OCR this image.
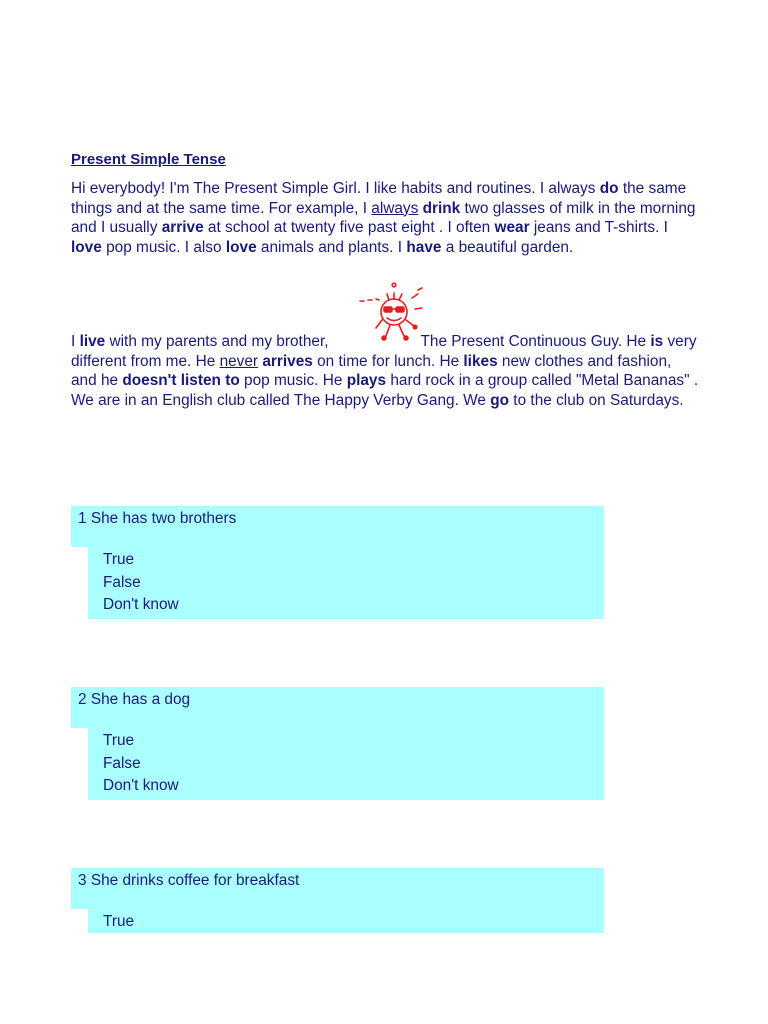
Present Simple Tense

Hi everybody! I'm The Present Simple Girl. I like habits and routines. I always do the same things and at the same time. For example, I always drink two glasses of milk in the morning and I usually arrive at school at twenty five past eight . I often wear jeans and T-shirts. I love pop music. I also love animals and plants. I have a beautiful garden.

I live with my parents and my brother,	The Present Continuous Guy. He is very different from me. He never arrives on time for lunch. He likes new clothes and fashion, and he doesn't listen to pop music. He plays hard rock in a group called "Metal Bananas" . We are in an English club called The Happy Verby Gang. We go to the club on Saturdays.

1 She has two brothers
True
False
Don't know
2 She has a dog
True
False
Don't know
3 She drinks coffee for breakfast
True
